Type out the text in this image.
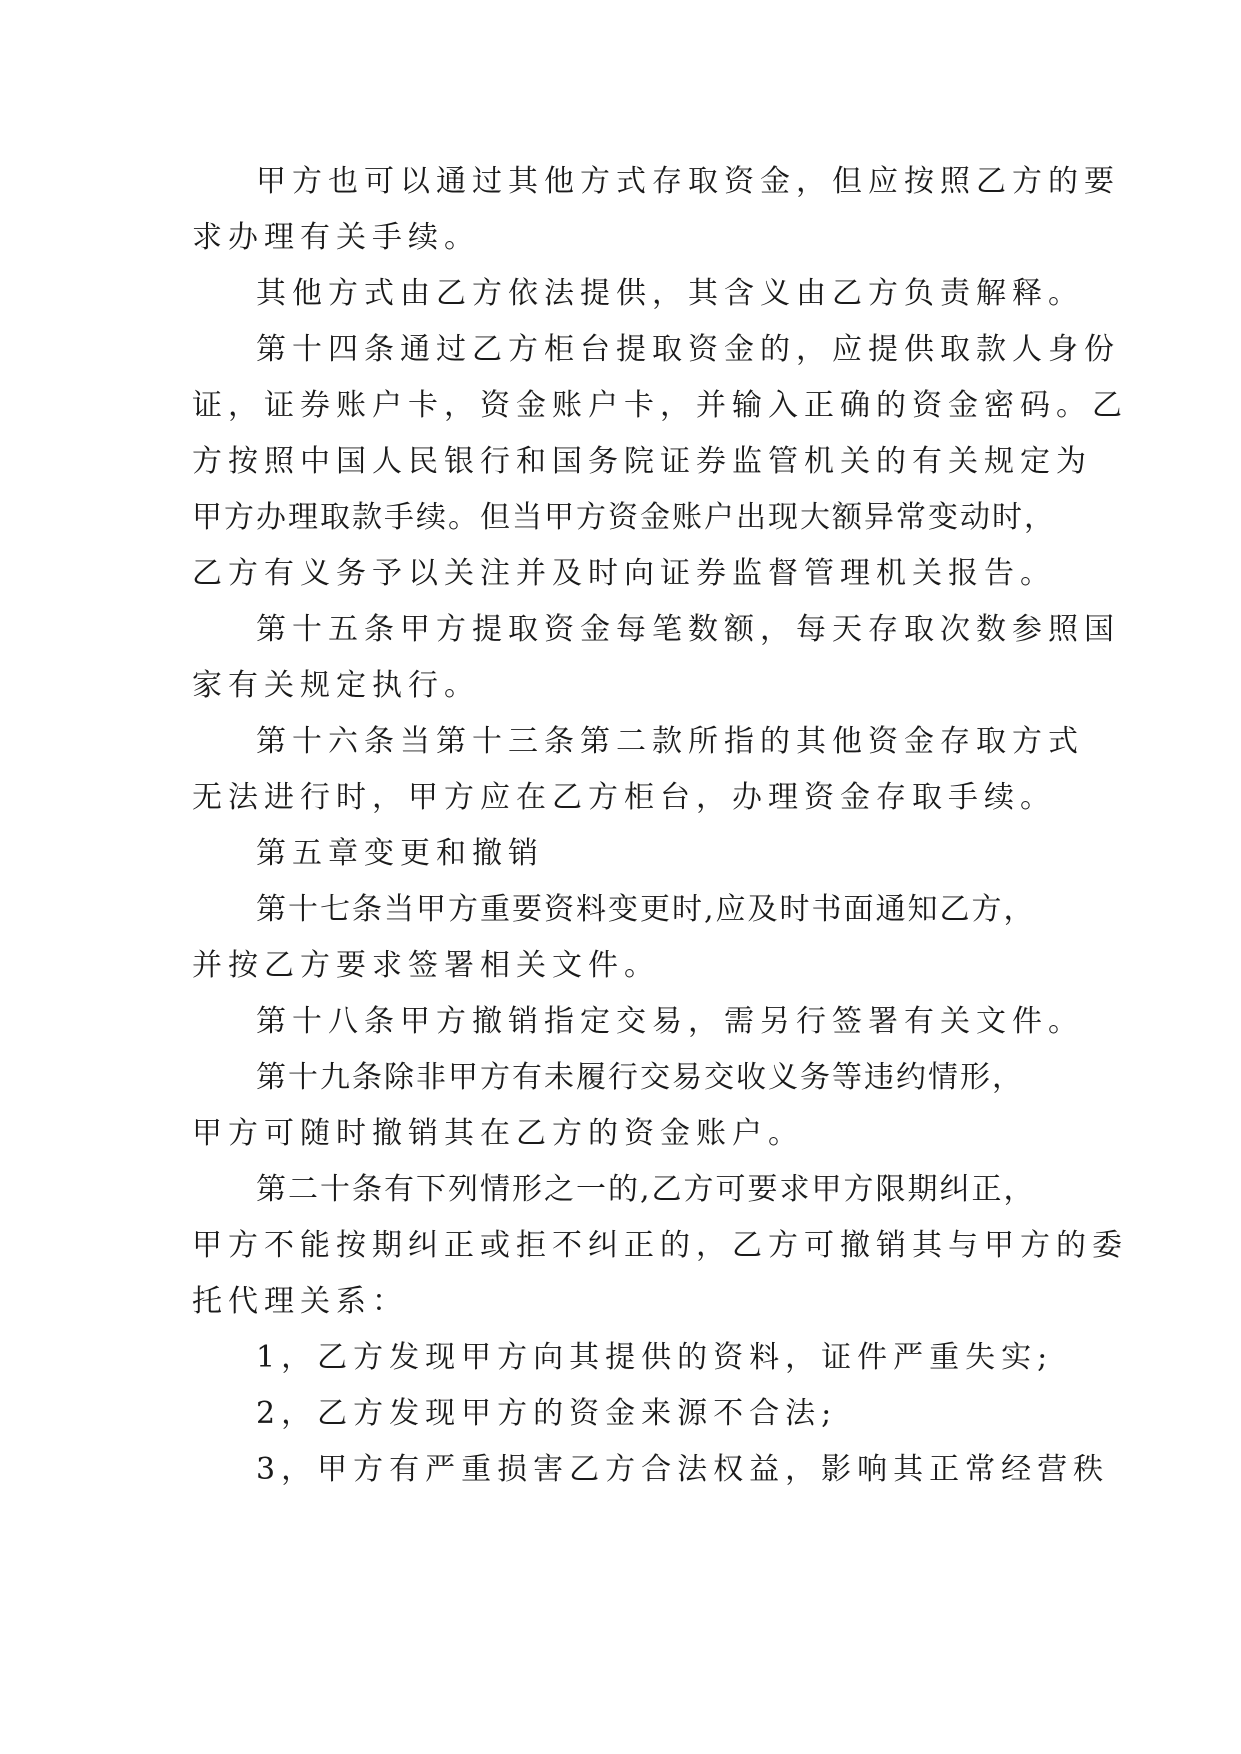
甲方也可以通过其他方式存取资金，但应按照乙方的要
求办理有关手续。
其他方式由乙方依法提供，其含义由乙方负责解释。
第十四条通过乙方柜台提取资金的，应提供取款人身份
证，证券账户卡，资金账户卡，并输入正确的资金密码。乙
方按照中国人民银行和国务院证券监管机关的有关规定为
甲方办理取款手续。但当甲方资金账户出现大额异常变动时，
乙方有义务予以关注并及时向证券监督管理机关报告。
第十五条甲方提取资金每笔数额，每天存取次数参照国
家有关规定执行。
第十六条当第十三条第二款所指的其他资金存取方式
无法进行时，甲方应在乙方柜台，办理资金存取手续。
第五章变更和撤销
第十七条当甲方重要资料变更时,应及时书面通知乙方，
并按乙方要求签署相关文件。
第十八条甲方撤销指定交易，需另行签署有关文件。
第十九条除非甲方有未履行交易交收义务等违约情形，
甲方可随时撤销其在乙方的资金账户。
第二十条有下列情形之一的,乙方可要求甲方限期纠正，
甲方不能按期纠正或拒不纠正的，乙方可撤销其与甲方的委
托代理关系：
1，乙方发现甲方向其提供的资料，证件严重失实;
2，乙方发现甲方的资金来源不合法;
3，甲方有严重损害乙方合法权益，影响其正常经营秩
